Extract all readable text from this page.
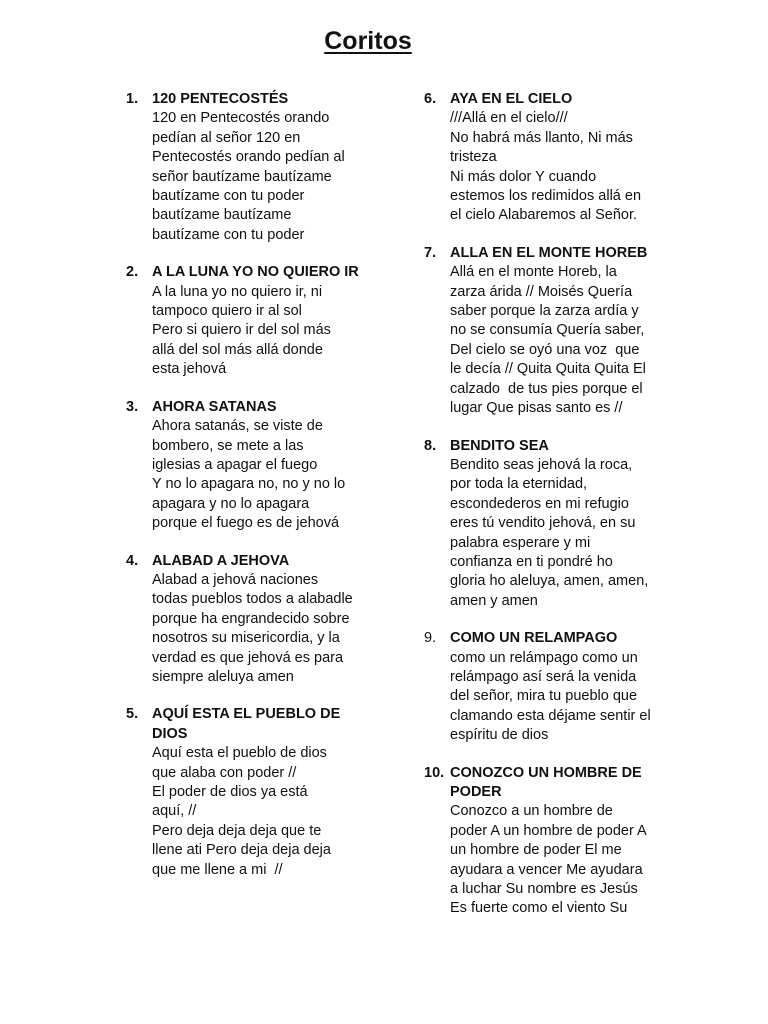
Coritos
1. 120 PENTECOSTÉS
120 en Pentecostés orando
pedían al señor 120 en
Pentecostés orando pedían al
señor bautízame bautízame
bautízame con tu poder
bautízame bautízame
bautízame con tu poder
2. A LA LUNA YO NO QUIERO IR
A la luna yo no quiero ir, ni
tampoco quiero ir al sol
Pero si quiero ir del sol más
allá del sol más allá donde
esta jehová
3. AHORA SATANAS
Ahora satanás, se viste de
bombero, se mete a las
iglesias a apagar el fuego
Y no lo apagara no, no y no lo
apagara y no lo apagara
porque el fuego es de jehová
4. ALABAD A JEHOVA
Alabad a jehová naciones
todas pueblos todos a alabadle
porque ha engrandecido sobre
nosotros su misericordia, y la
verdad es que jehová es para
siempre aleluya amen
5. AQUÍ ESTA EL PUEBLO DE DIOS
Aquí esta el pueblo de dios
que alaba con poder //
El poder de dios ya está
aquí, //
Pero deja deja deja que te
llene ati Pero deja deja deja
que me llene a mi  //
6. AYA EN EL CIELO
///Allá en el cielo///
No habrá más llanto, Ni más
tristeza
Ni más dolor Y cuando
estemos los redimidos allá en
el cielo Alabaremos al Señor.
7. ALLA EN EL MONTE HOREB
Allá en el monte Horeb, la
zarza árida // Moisés Quería
saber porque la zarza ardía y
no se consumía Quería saber,
Del cielo se oyó una voz  que
le decía // Quita Quita Quita El
calzado  de tus pies porque el
lugar Que pisas santo es //
8. BENDITO SEA
Bendito seas jehová la roca,
por toda la eternidad,
escondederos en mi refugio
eres tú vendito jehová, en su
palabra esperare y mi
confianza en ti pondré ho
gloria ho aleluya, amen, amen,
amen y amen
9. COMO UN RELAMPAGO
como un relámpago como un
relámpago así será la venida
del señor, mira tu pueblo que
clamando esta déjame sentir el
espíritu de dios
10. CONOZCO UN HOMBRE DE PODER
Conozco a un hombre de
poder A un hombre de poder A
un hombre de poder El me
ayudara a vencer Me ayudara
a luchar Su nombre es Jesús
Es fuerte como el viento Su
